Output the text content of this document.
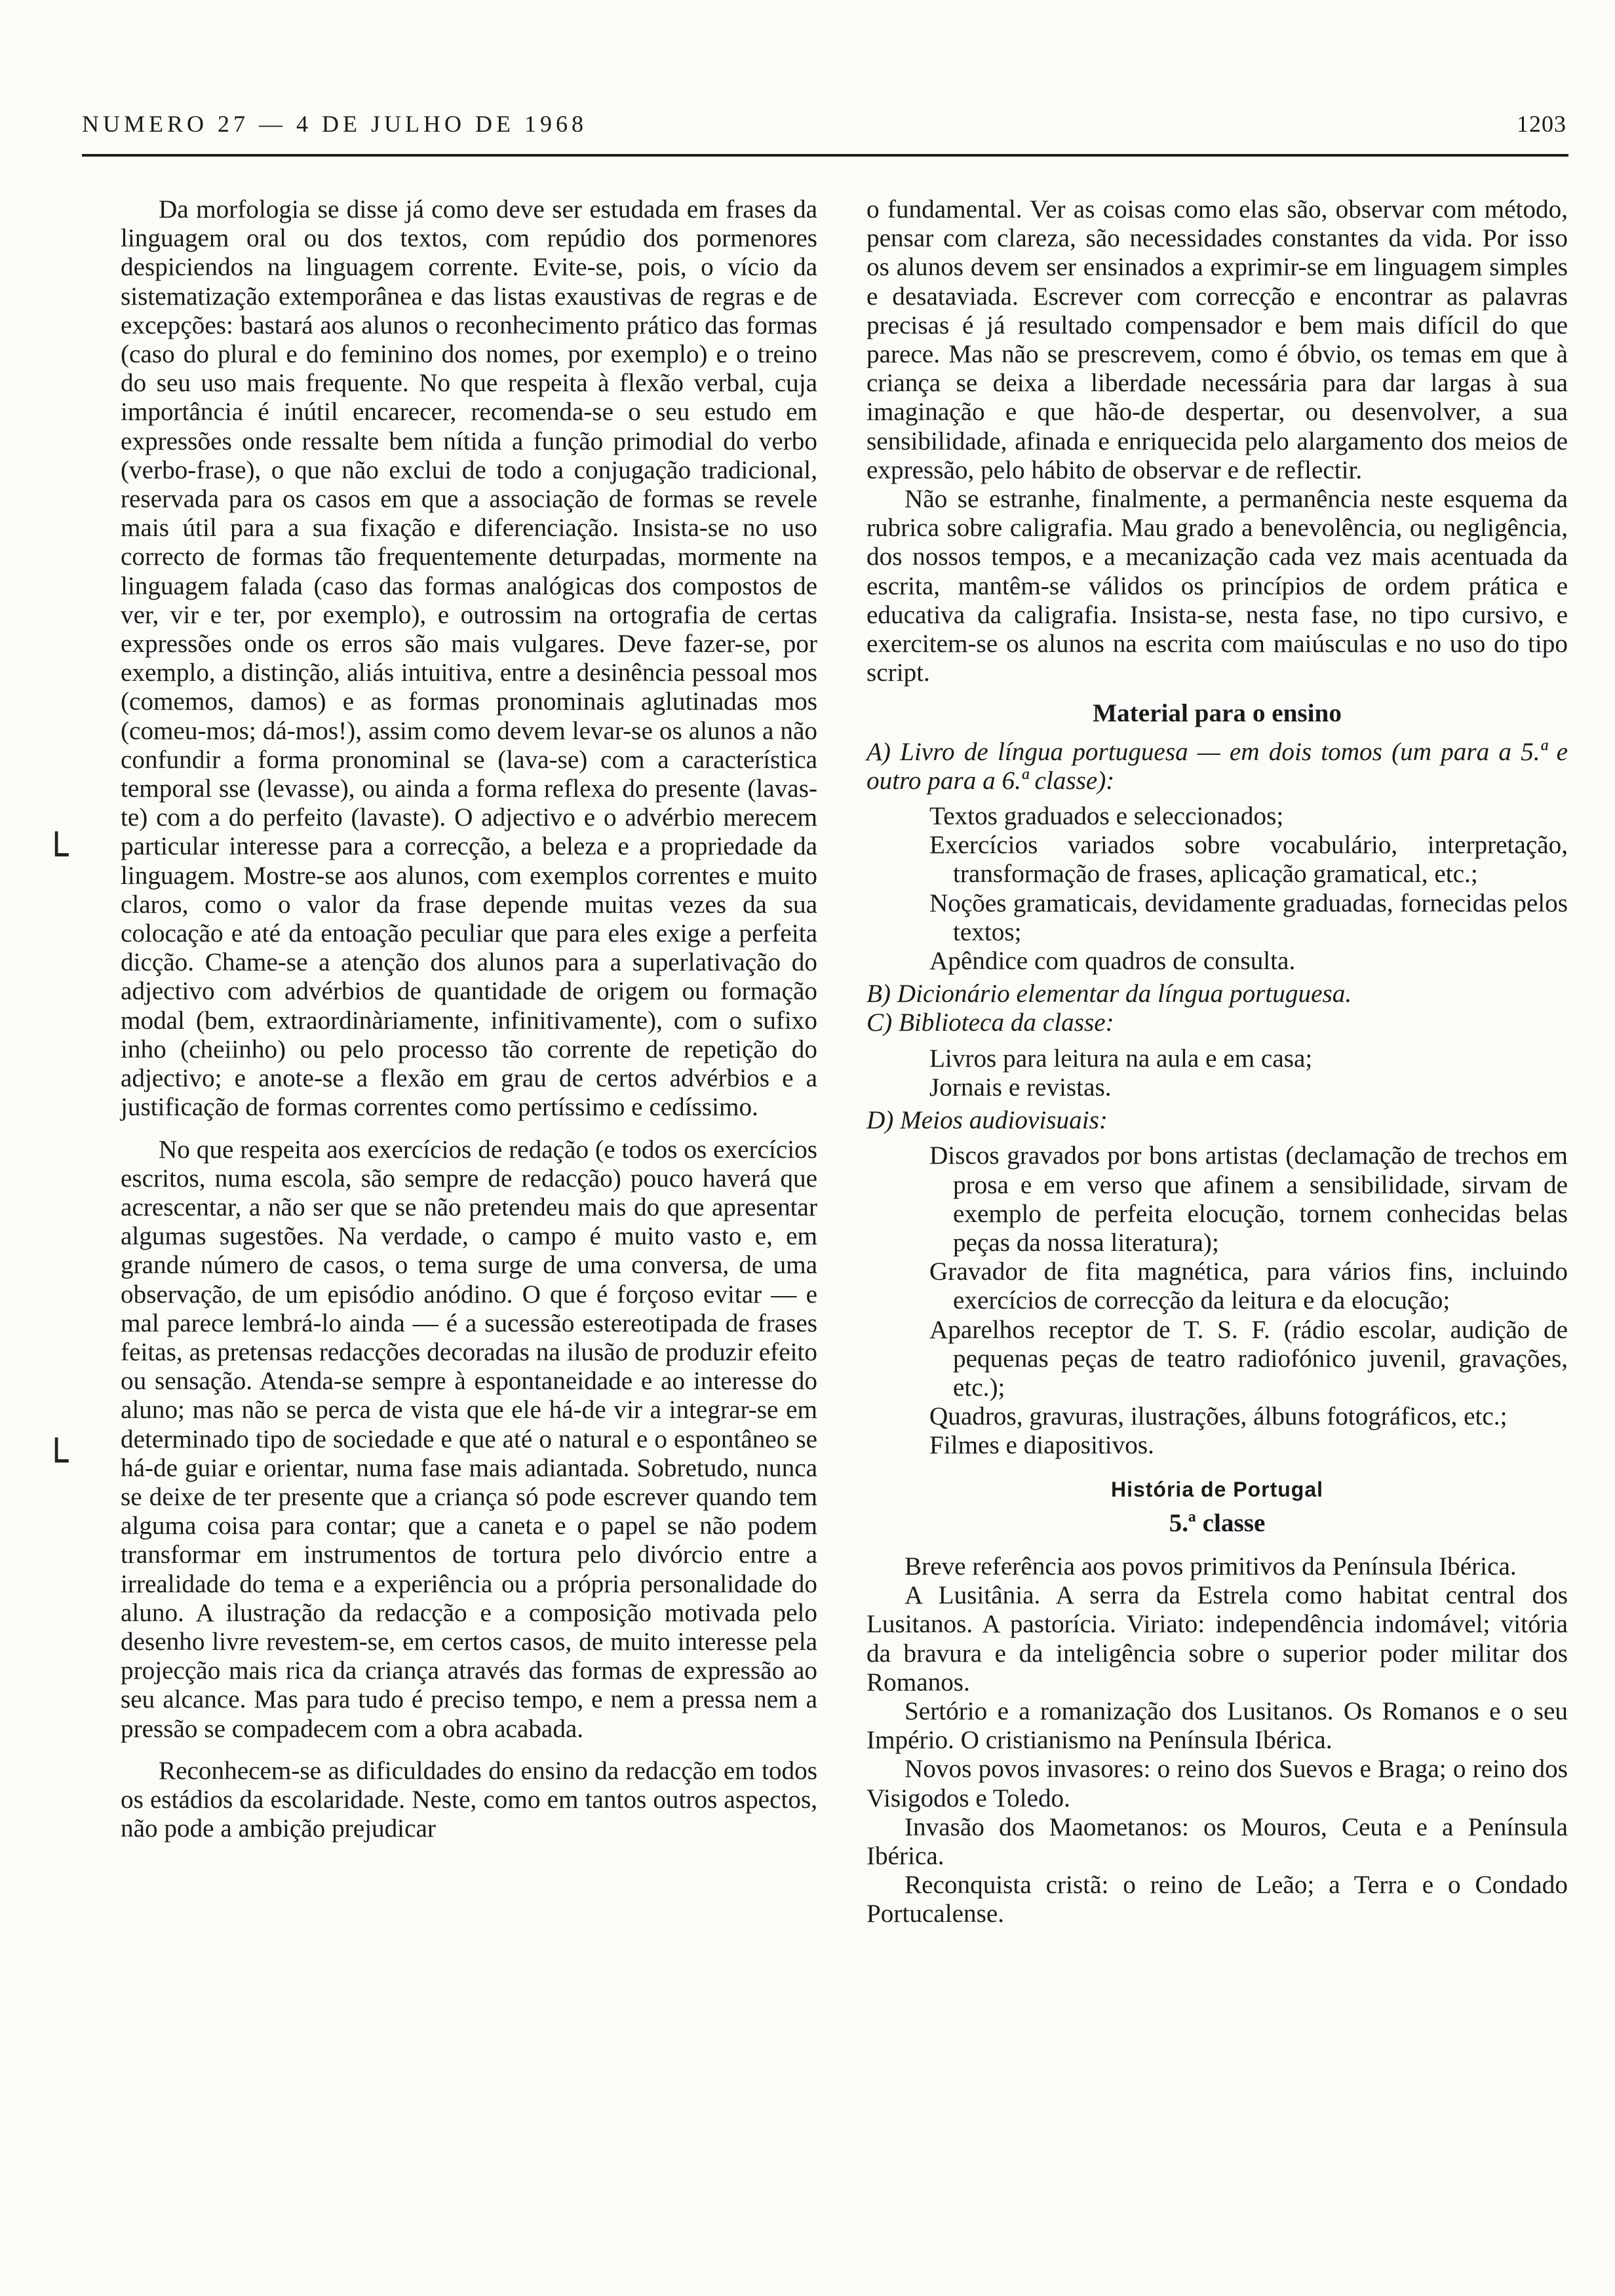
NUMERO 27 — 4 DE JULHO DE 1968	1203
└
└

Da morfologia se disse já como deve ser estudada em frases da linguagem oral ou dos textos, com repúdio dos pormenores despiciendos na linguagem corrente. Evite-se, pois, o vício da sistematização extemporânea e das listas exaustivas de regras e de excepções: bastará aos alunos o reconhecimento prático das formas (caso do plural e do feminino dos nomes, por exemplo) e o treino do seu uso mais frequente. No que respeita à flexão verbal, cuja importância é inútil encarecer, recomenda-se o seu estudo em expressões onde ressalte bem nítida a função primodial do verbo (verbo-frase), o que não exclui de todo a conjugação tradicional, reservada para os casos em que a associação de formas se revele mais útil para a sua fixação e diferenciação. Insista-se no uso correcto de formas tão frequentemente deturpadas, mormente na linguagem falada (caso das formas analógicas dos compostos de ver, vir e ter, por exemplo), e outrossim na ortografia de certas expressões onde os erros são mais vulgares. Deve fazer-se, por exemplo, a distinção, aliás intuitiva, entre a desinência pessoal mos (comemos, damos) e as formas pronominais aglutinadas mos (comeu-mos; dá-mos!), assim como devem levar-se os alunos a não confundir a forma pronominal se (lava-se) com a característica temporal sse (levasse), ou ainda a forma reflexa do presente (lavas-te) com a do perfeito (lavaste). O adjectivo e o advérbio merecem particular interesse para a correcção, a beleza e a propriedade da linguagem. Mostre-se aos alunos, com exemplos correntes e muito claros, como o valor da frase depende muitas vezes da sua colocação e até da entoação peculiar que para eles exige a perfeita dicção. Chame-se a atenção dos alunos para a superlativação do adjectivo com advérbios de quantidade de origem ou formação modal (bem, extraordinàriamente, infinitivamente), com o sufixo inho (cheiinho) ou pelo processo tão corrente de repetição do adjectivo; e anote-se a flexão em grau de certos advérbios e a justificação de formas correntes como pertíssimo e cedíssimo.

No que respeita aos exercícios de redação (e todos os exercícios escritos, numa escola, são sempre de redacção) pouco haverá que acrescentar, a não ser que se não pretendeu mais do que apresentar algumas sugestões. Na verdade, o campo é muito vasto e, em grande número de casos, o tema surge de uma conversa, de uma observação, de um episódio anódino. O que é forçoso evitar — e mal parece lembrá-lo ainda — é a sucessão estereotipada de frases feitas, as pretensas redacções decoradas na ilusão de produzir efeito ou sensação. Atenda-se sempre à espontaneidade e ao interesse do aluno; mas não se perca de vista que ele há-de vir a integrar-se em determinado tipo de sociedade e que até o natural e o espontâneo se há-de guiar e orientar, numa fase mais adiantada. Sobretudo, nunca se deixe de ter presente que a criança só pode escrever quando tem alguma coisa para contar; que a caneta e o papel se não podem transformar em instrumentos de tortura pelo divórcio entre a irrealidade do tema e a experiência ou a própria personalidade do aluno. A ilustração da redacção e a composição motivada pelo desenho livre revestem-se, em certos casos, de muito interesse pela projecção mais rica da criança através das formas de expressão ao seu alcance. Mas para tudo é preciso tempo, e nem a pressa nem a pressão se compadecem com a obra acabada.

Reconhecem-se as dificuldades do ensino da redacção em todos os estádios da escolaridade. Neste, como em tantos outros aspectos, não pode a ambição prejudicar

o fundamental. Ver as coisas como elas são, observar com método, pensar com clareza, são necessidades constantes da vida. Por isso os alunos devem ser ensinados a exprimir-se em linguagem simples e desataviada. Escrever com correcção e encontrar as palavras precisas é já resultado compensador e bem mais difícil do que parece. Mas não se prescrevem, como é óbvio, os temas em que à criança se deixa a liberdade necessária para dar largas à sua imaginação e que hão-de despertar, ou desenvolver, a sua sensibilidade, afinada e enriquecida pelo alargamento dos meios de expressão, pelo hábito de observar e de reflectir.

Não se estranhe, finalmente, a permanência neste esquema da rubrica sobre caligrafia. Mau grado a benevolência, ou negligência, dos nossos tempos, e a mecanização cada vez mais acentuada da escrita, mantêm-se válidos os princípios de ordem prática e educativa da caligrafia. Insista-se, nesta fase, no tipo cursivo, e exercitem-se os alunos na escrita com maiúsculas e no uso do tipo script.

Material para o ensino

A) Livro de língua portuguesa — em dois tomos (um para a 5.ª e outro para a 6.ª classe):

Textos graduados e seleccionados;
Exercícios variados sobre vocabulário, interpretação, transformação de frases, aplicação gramatical, etc.;
Noções gramaticais, devidamente graduadas, fornecidas pelos textos;
Apêndice com quadros de consulta.

B) Dicionário elementar da língua portuguesa.

C) Biblioteca da classe:

Livros para leitura na aula e em casa;
Jornais e revistas.

D) Meios audiovisuais:

Discos gravados por bons artistas (declamação de trechos em prosa e em verso que afinem a sensibilidade, sirvam de exemplo de perfeita elocução, tornem conhecidas belas peças da nossa literatura);
Gravador de fita magnética, para vários fins, incluindo exercícios de correcção da leitura e da elocução;
Aparelhos receptor de T. S. F. (rádio escolar, audição de pequenas peças de teatro radiofónico juvenil, gravações, etc.);
Quadros, gravuras, ilustrações, álbuns fotográficos, etc.;
Filmes e diapositivos.
História de Portugal
5.ª classe

Breve referência aos povos primitivos da Península Ibérica.

A Lusitânia. A serra da Estrela como habitat central dos Lusitanos. A pastorícia. Viriato: independência indomável; vitória da bravura e da inteligência sobre o superior poder militar dos Romanos.

Sertório e a romanização dos Lusitanos. Os Romanos e o seu Império. O cristianismo na Península Ibérica.

Novos povos invasores: o reino dos Suevos e Braga; o reino dos Visigodos e Toledo.

Invasão dos Maometanos: os Mouros, Ceuta e a Península Ibérica.

Reconquista cristã: o reino de Leão; a Terra e o Condado Portucalense.
